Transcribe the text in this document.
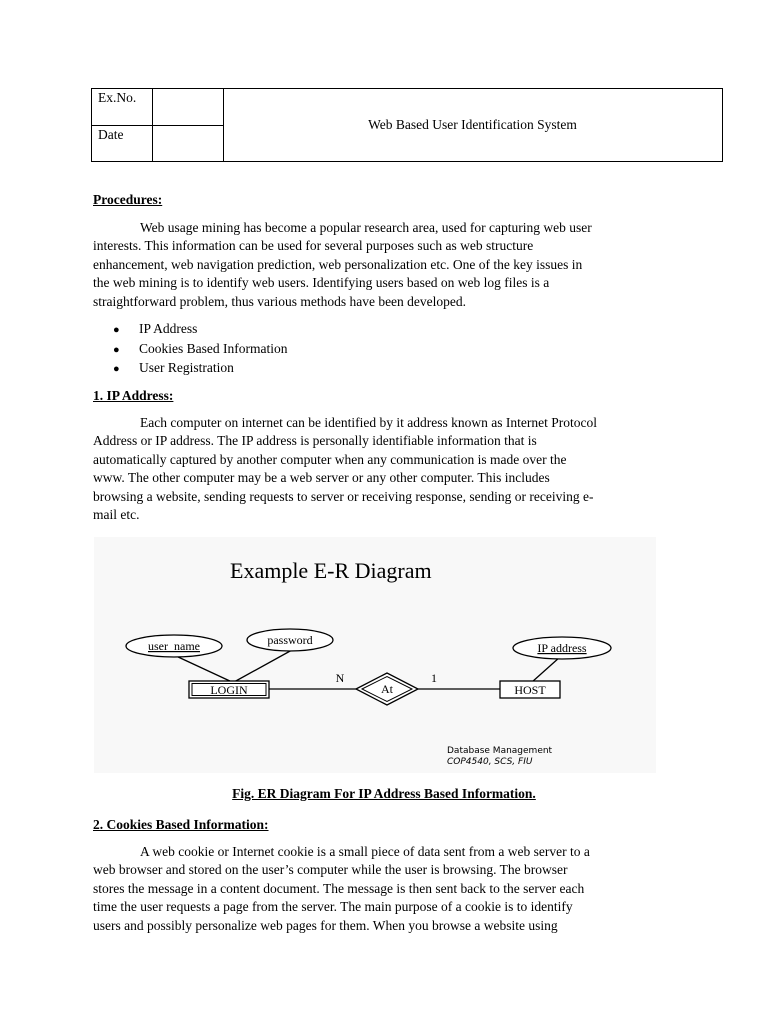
Ex.No.
Date
Web Based User Identification System
Procedures:
Web usage mining has become a popular research area, used for capturing web user
interests. This information can be used for several purposes such as web structure
enhancement, web navigation prediction, web personalization etc. One of the key issues in
the web mining is to identify web users. Identifying users based on web log files is a
straightforward problem, thus various methods have been developed.
● IP Address
● Cookies Based Information
● User Registration
1. IP Address:
Each computer on internet can be identified by it address known as Internet Protocol
Address or IP address. The IP address is personally identifiable information that is
automatically captured by another computer when any communication is made over the
www. The other computer may be a web server or any other computer. This includes
browsing a website, sending requests to server or receiving response, sending or receiving e-
mail etc.
Example E-R Diagram
user_name	password
IP address
LOGIN	HOST
At
N	1
Database Management
COP4540, SCS, FIU
Fig. ER Diagram For IP Address Based Information.
2. Cookies Based Information:
A web cookie or Internet cookie is a small piece of data sent from a web server to a
web browser and stored on the user’s computer while the user is browsing. The browser
stores the message in a content document. The message is then sent back to the server each
time the user requests a page from the server. The main purpose of a cookie is to identify
users and possibly personalize web pages for them. When you browse a website using
